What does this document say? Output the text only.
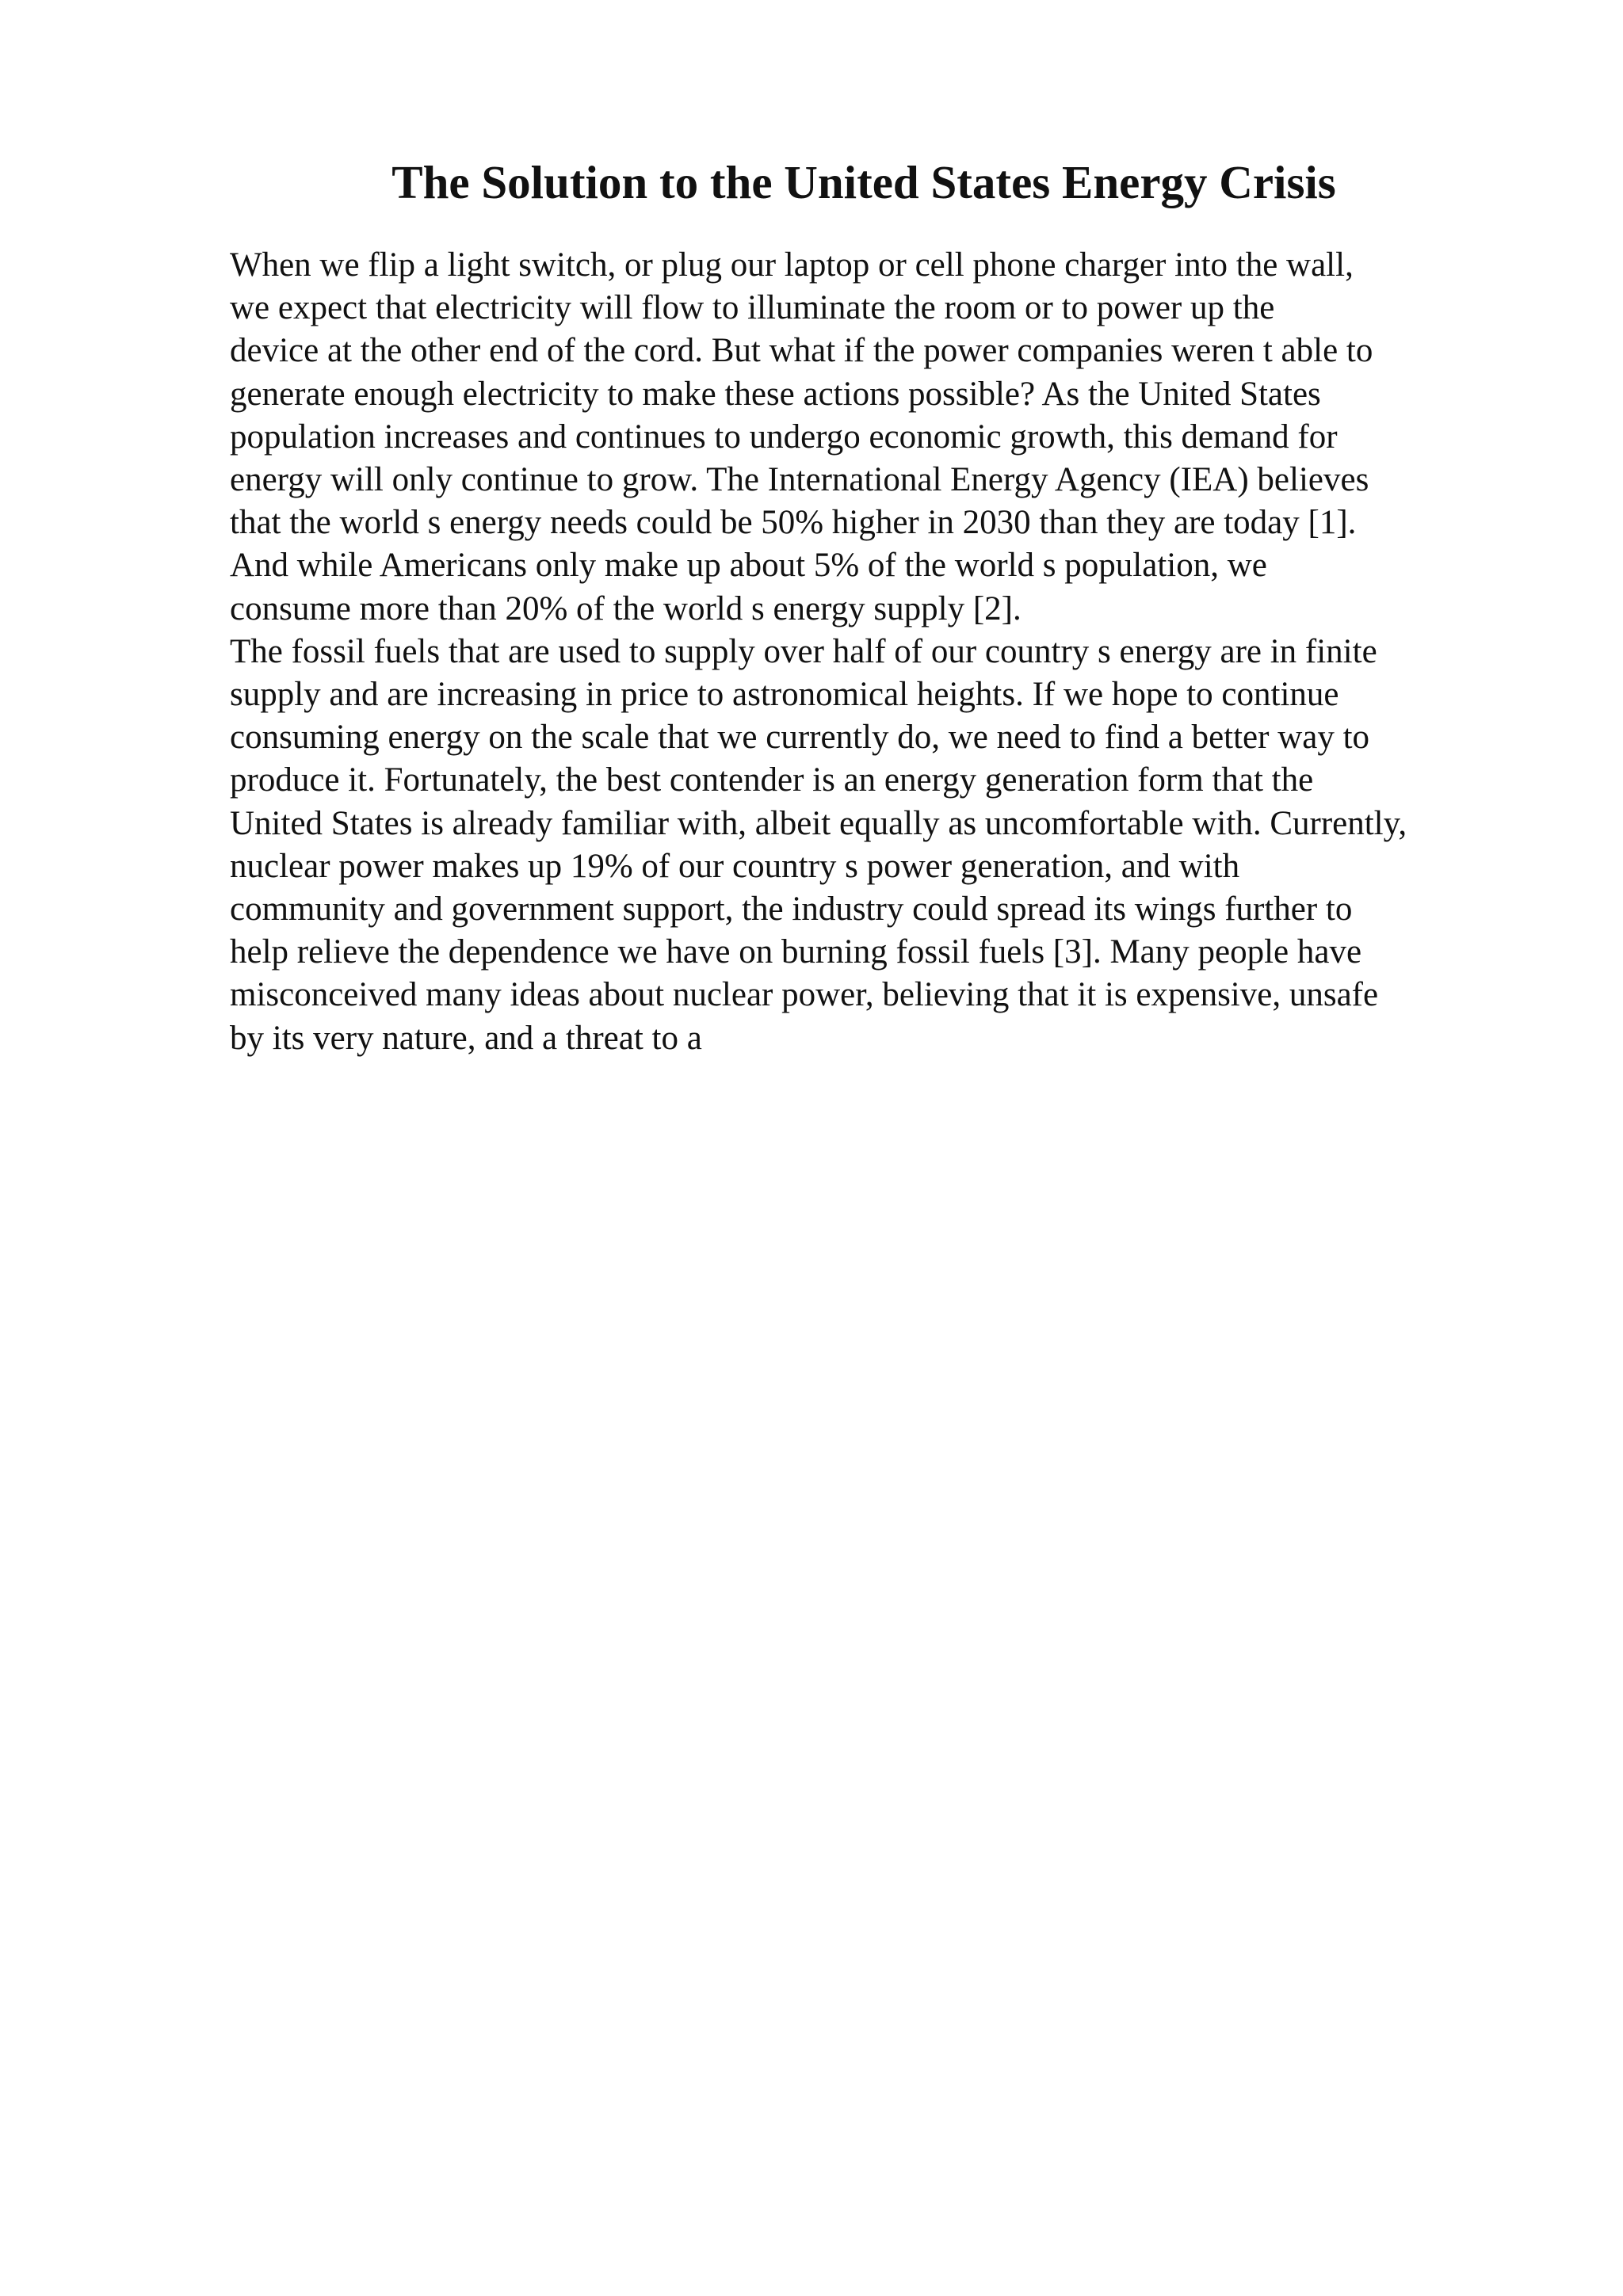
The Solution to the United States Energy Crisis
When we flip a light switch, or plug our laptop or cell phone charger into the wall,
we expect that electricity will flow to illuminate the room or to power up the
device at the other end of the cord. But what if the power companies weren t able to
generate enough electricity to make these actions possible? As the United States
population increases and continues to undergo economic growth, this demand for
energy will only continue to grow. The International Energy Agency (IEA) believes
that the world s energy needs could be 50% higher in 2030 than they are today [1].
And while Americans only make up about 5% of the world s population, we
consume more than 20% of the world s energy supply [2].
The fossil fuels that are used to supply over half of our country s energy are in finite
supply and are increasing in price to astronomical heights. If we hope to continue
consuming energy on the scale that we currently do, we need to find a better way to
produce it. Fortunately, the best contender is an energy generation form that the
United States is already familiar with, albeit equally as uncomfortable with. Currently,
nuclear power makes up 19% of our country s power generation, and with
community and government support, the industry could spread its wings further to
help relieve the dependence we have on burning fossil fuels [3]. Many people have
misconceived many ideas about nuclear power, believing that it is expensive, unsafe
by its very nature, and a threat to a
